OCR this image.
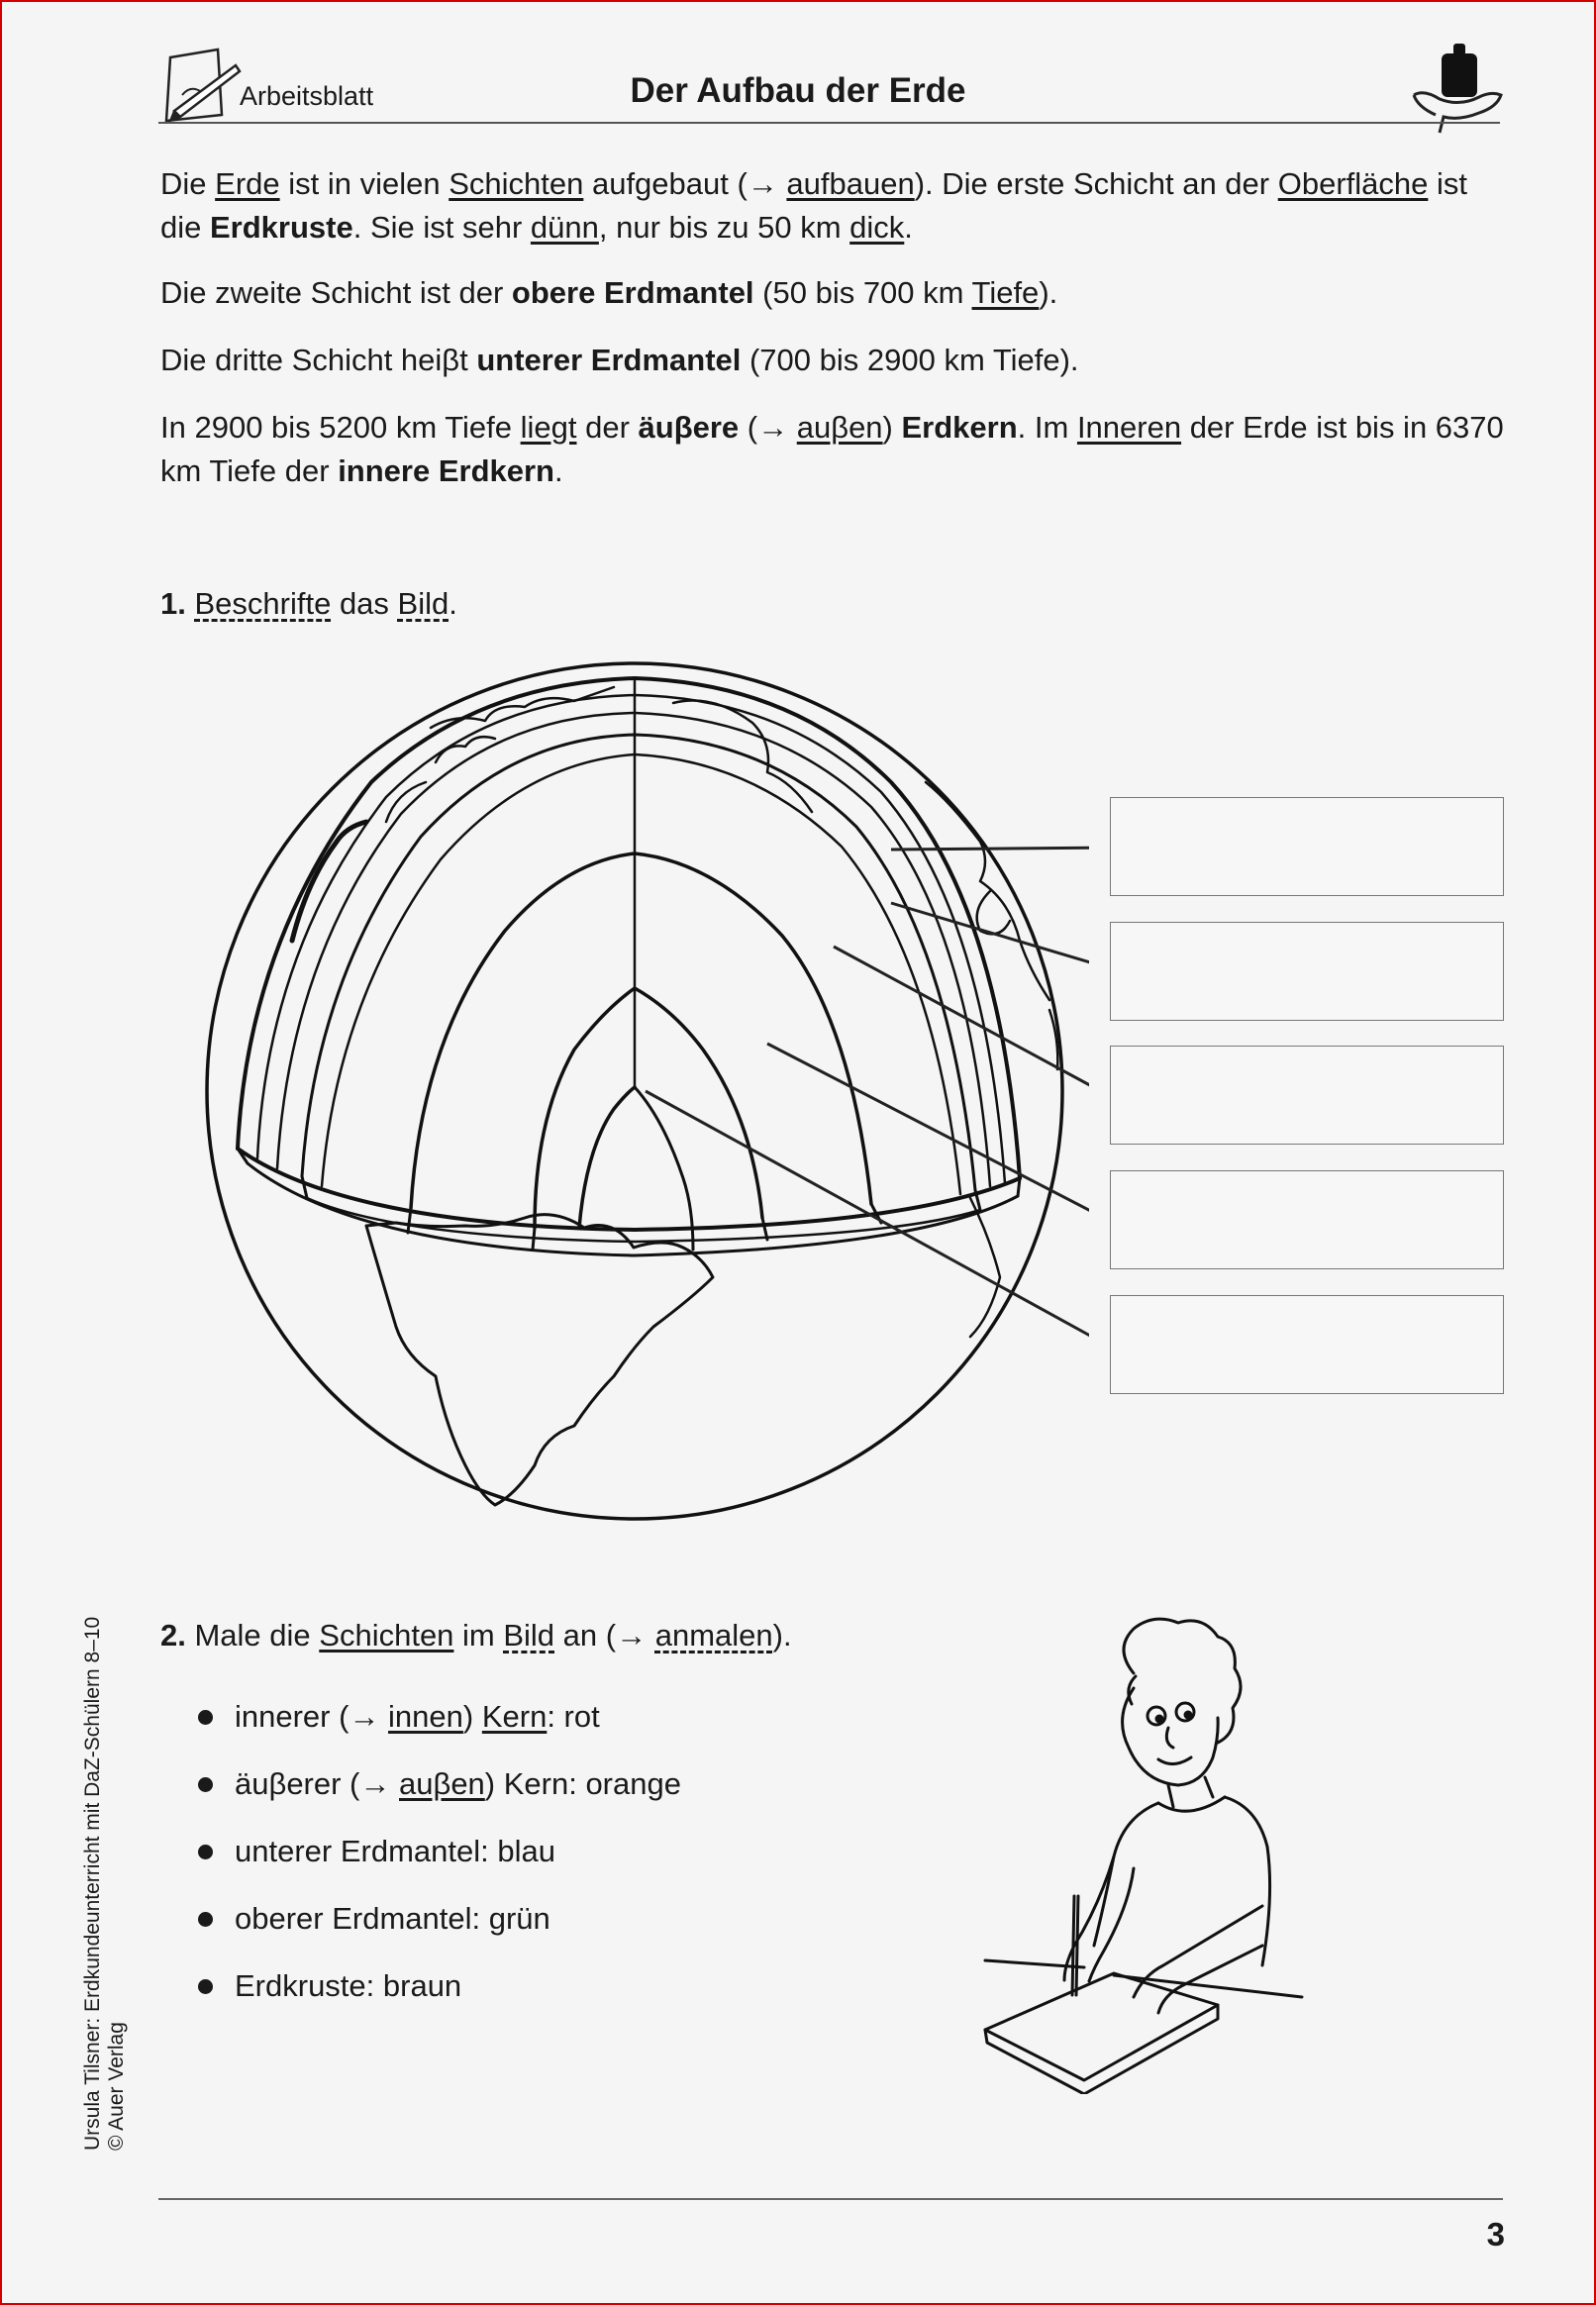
Arbeitsblatt	Der Aufbau der Erde
Die Erde ist in vielen Schichten aufgebaut (→ aufbauen). Die erste Schicht an der Oberfläche ist die Erdkruste. Sie ist sehr dünn, nur bis zu 50 km dick.
Die zweite Schicht ist der obere Erdmantel (50 bis 700 km Tiefe).
Die dritte Schicht heiβt unterer Erdmantel (700 bis 2900 km Tiefe).
In 2900 bis 5200 km Tiefe liegt der äuβere (→ auβen) Erdkern. Im Inneren der Erde ist bis in 6370 km Tiefe der innere Erdkern.
1. Beschrifte das Bild.
2. Male die Schichten im Bild an (→ anmalen).
innerer (→ innen) Kern: rot
äuβerer (→ auβen) Kern: orange
unterer Erdmantel: blau
oberer Erdmantel: grün
Erdkruste: braun
Ursula Tilsner: Erdkundeunterricht mit DaZ-Schülern 8–10 © Auer Verlag
3
